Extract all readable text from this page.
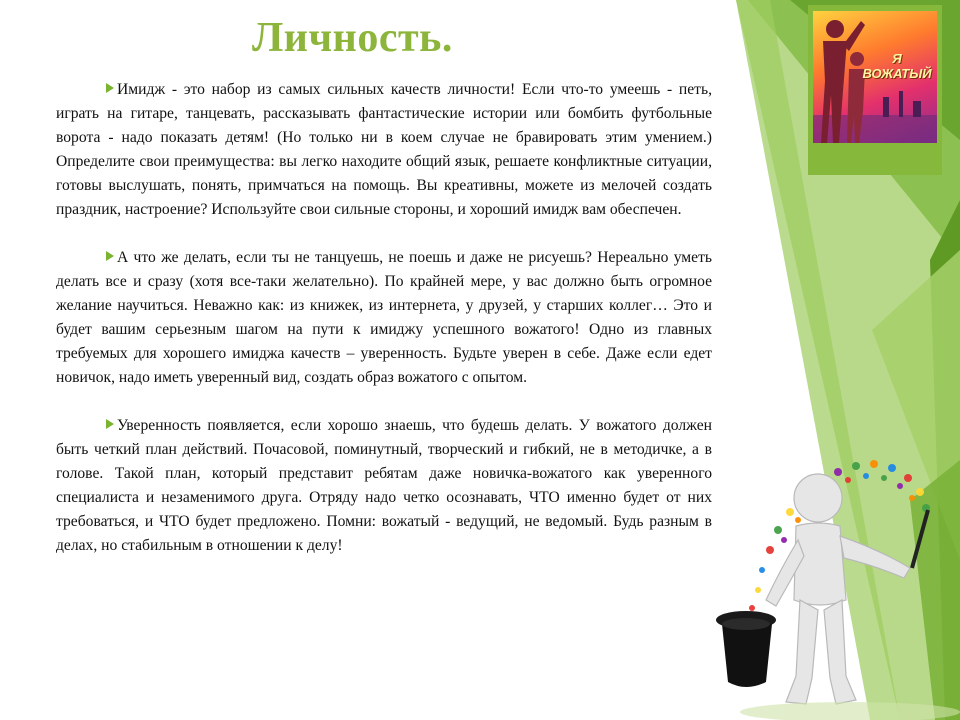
Личность.

Имидж - это набор из самых сильных качеств личности! Если что-то умеешь - петь, играть на гитаре, танцевать, рассказывать фантастические истории или бомбить футбольные ворота - надо показать детям! (Но только ни в коем случае не бравировать этим умением.) Определите свои преимущества: вы легко находите общий язык, решаете конфликтные ситуации, готовы выслушать, понять, примчаться на помощь. Вы креативны, можете из мелочей создать праздник, настроение? Используйте свои сильные стороны, и хороший имидж вам обеспечен.

А что же делать, если ты не танцуешь, не поешь и даже не рисуешь? Нереально уметь делать все и сразу (хотя все-таки желательно). По крайней мере, у вас должно быть огромное желание научиться. Неважно как: из книжек, из интернета, у друзей, у старших коллег… Это и будет вашим серьезным шагом на пути к имиджу успешного вожатого! Одно из главных требуемых для хорошего имиджа качеств – уверенность. Будьте уверен в себе. Даже если едет новичок, надо иметь уверенный вид, создать образ вожатого с опытом.

Уверенность появляется, если хорошо знаешь, что будешь делать. У вожатого должен быть четкий план действий. Почасовой, поминутный, творческий и гибкий, не в методичке, а в голове. Такой план, который представит ребятам даже новичка-вожатого как уверенного специалиста и незаменимого друга. Отряду надо четко осознавать, ЧТО именно будет от них требоваться, и ЧТО будет предложено. Помни: вожатый - ведущий, не ведомый. Будь разным в делах, но стабильным в отношении к делу!

Я
ВОЖАТЫЙ
